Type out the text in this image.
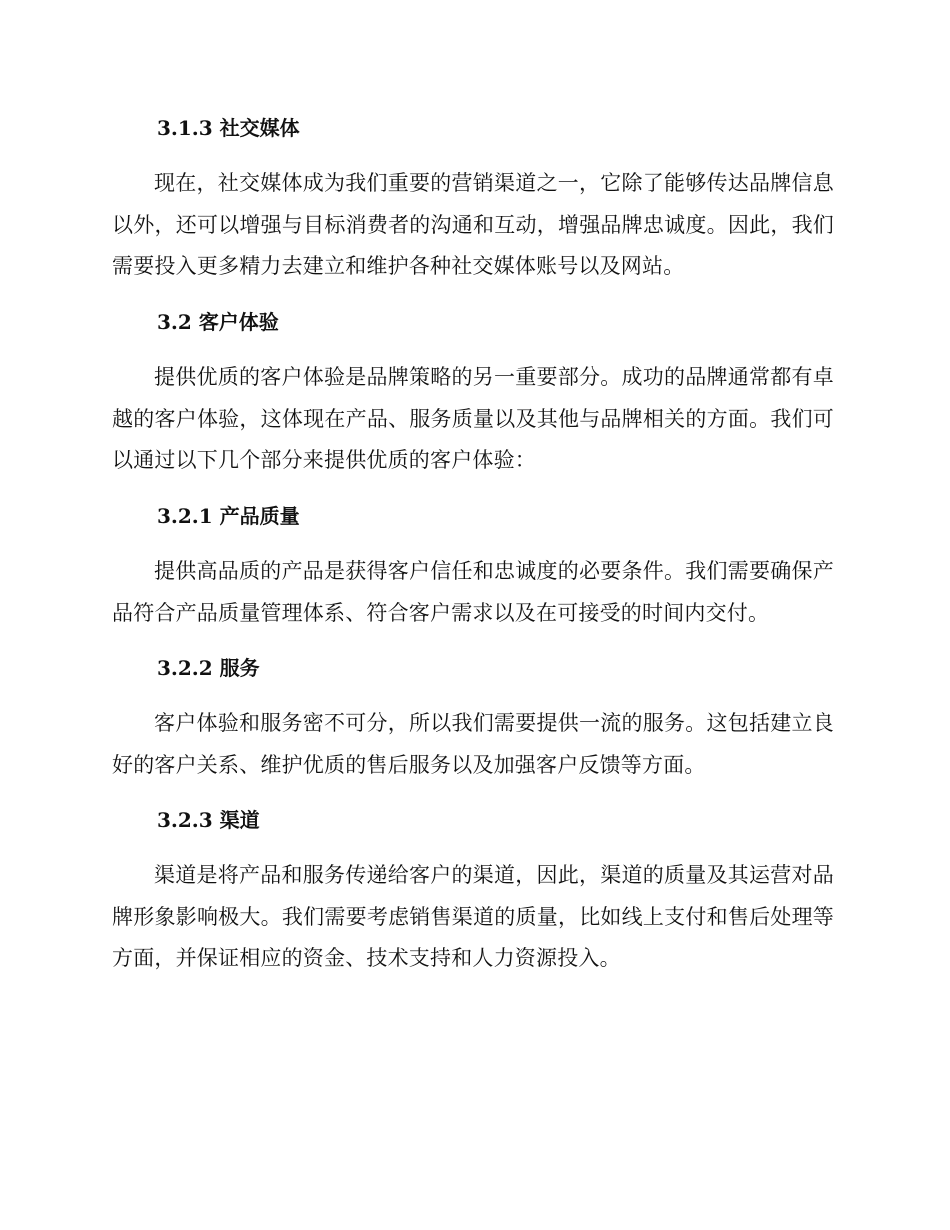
3.1.3 社交媒体
现在，社交媒体成为我们重要的营销渠道之一，它除了能够传达品牌信息以外，还可以增强与目标消费者的沟通和互动，增强品牌忠诚度。因此，我们需要投入更多精力去建立和维护各种社交媒体账号以及网站。
3.2 客户体验
提供优质的客户体验是品牌策略的另一重要部分。成功的品牌通常都有卓越的客户体验，这体现在产品、服务质量以及其他与品牌相关的方面。我们可以通过以下几个部分来提供优质的客户体验：
3.2.1 产品质量
提供高品质的产品是获得客户信任和忠诚度的必要条件。我们需要确保产品符合产品质量管理体系、符合客户需求以及在可接受的时间内交付。
3.2.2 服务
客户体验和服务密不可分，所以我们需要提供一流的服务。这包括建立良好的客户关系、维护优质的售后服务以及加强客户反馈等方面。
3.2.3 渠道
渠道是将产品和服务传递给客户的渠道，因此，渠道的质量及其运营对品牌形象影响极大。我们需要考虑销售渠道的质量，比如线上支付和售后处理等方面，并保证相应的资金、技术支持和人力资源投入。
